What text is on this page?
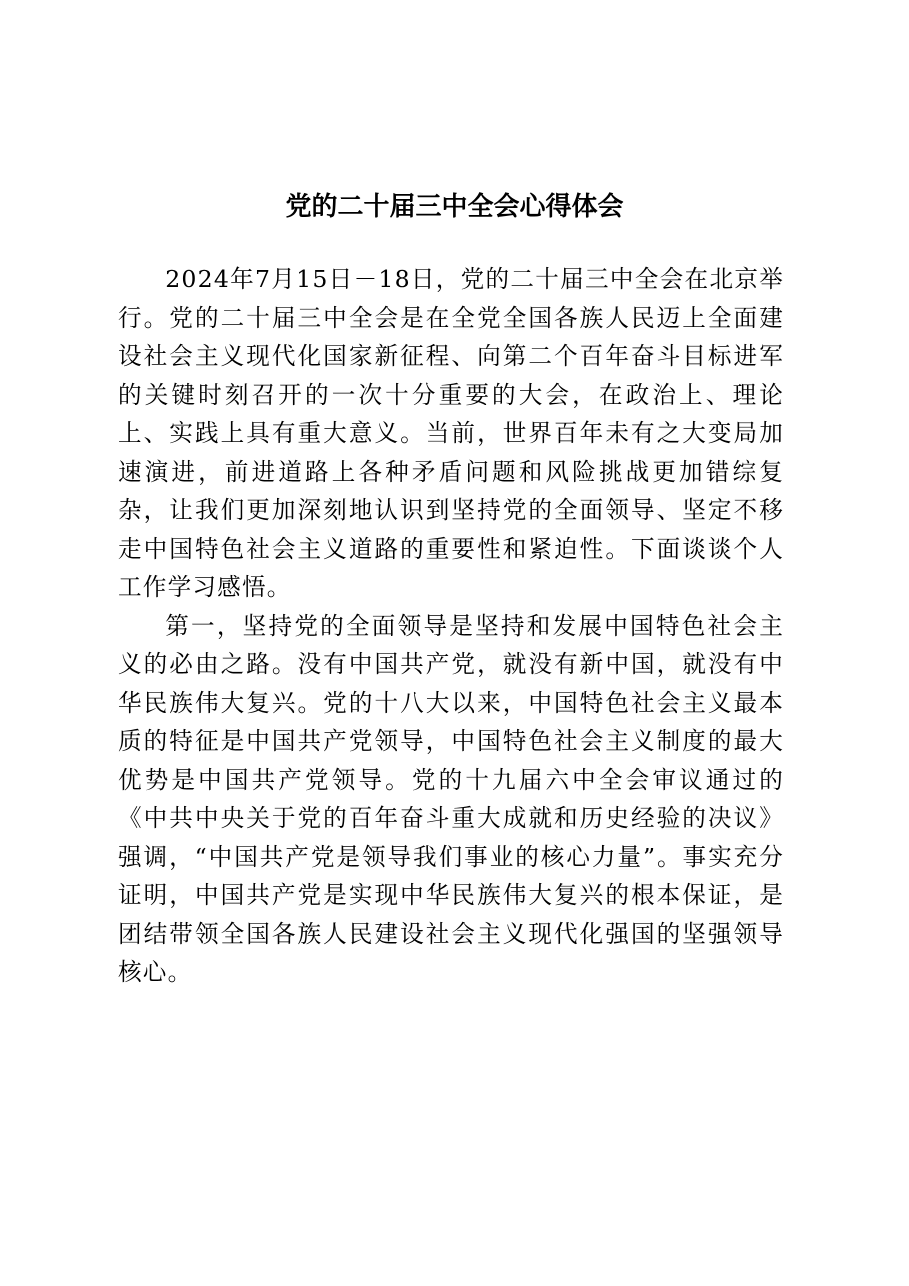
党的二十届三中全会心得体会

2024年7月15日－18日，党的二十届三中全会在北京举行。党的二十届三中全会是在全党全国各族人民迈上全面建设社会主义现代化国家新征程、向第二个百年奋斗目标进军的关键时刻召开的一次十分重要的大会，在政治上、理论上、实践上具有重大意义。当前，世界百年未有之大变局加速演进，前进道路上各种矛盾问题和风险挑战更加错综复杂，让我们更加深刻地认识到坚持党的全面领导、坚定不移走中国特色社会主义道路的重要性和紧迫性。下面谈谈个人工作学习感悟。

第一，坚持党的全面领导是坚持和发展中国特色社会主义的必由之路。没有中国共产党，就没有新中国，就没有中华民族伟大复兴。党的十八大以来，中国特色社会主义最本质的特征是中国共产党领导，中国特色社会主义制度的最大优势是中国共产党领导。党的十九届六中全会审议通过的《中共中央关于党的百年奋斗重大成就和历史经验的决议》强调，“中国共产党是领导我们事业的核心力量”。事实充分证明，中国共产党是实现中华民族伟大复兴的根本保证，是团结带领全国各族人民建设社会主义现代化强国的坚强领导核心。
